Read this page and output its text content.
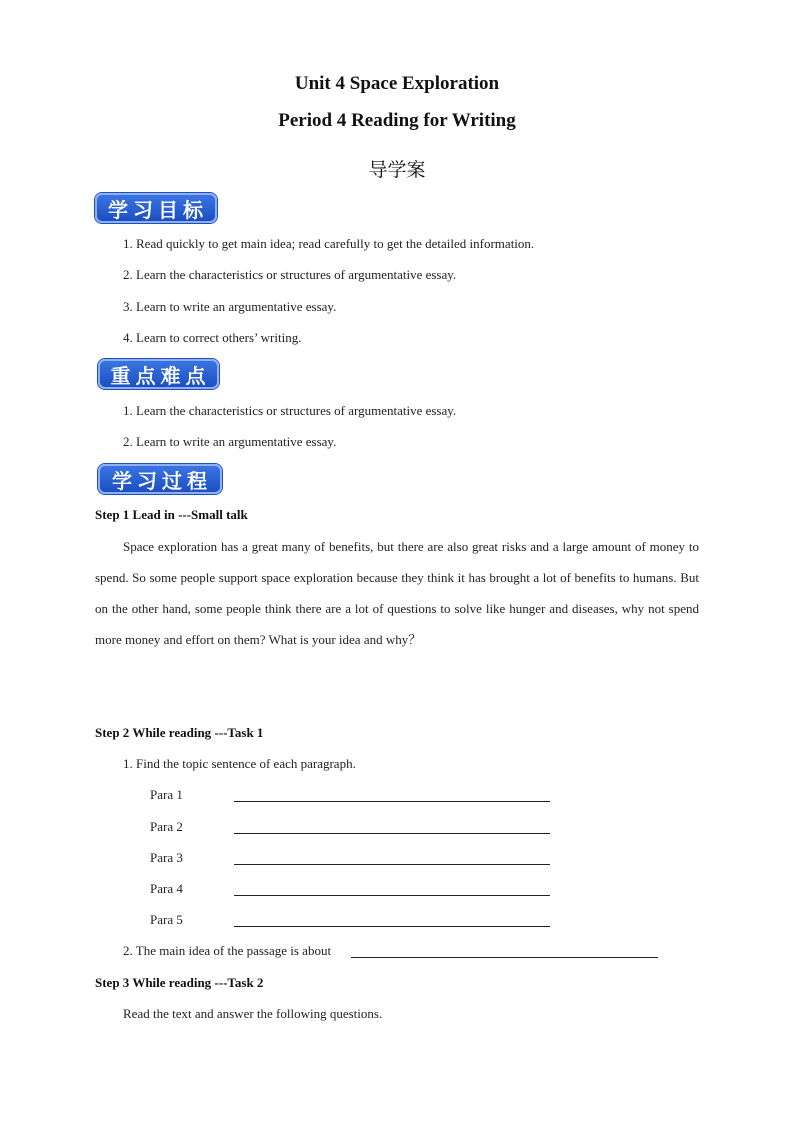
Unit 4 Space Exploration
Period 4 Reading for Writing
导学案
学习目标
1. Read quickly to get main idea; read carefully to get the detailed information.
2. Learn the characteristics or structures of argumentative essay.
3. Learn to write an argumentative essay.
4. Learn to correct others’ writing.
重点难点
1. Learn the characteristics or structures of argumentative essay.
2. Learn to write an argumentative essay.
学习过程
Step 1 Lead in ---Small talk
Space exploration has a great many of benefits, but there are also great risks and a large amount of money to spend. So some people support space exploration because they think it has brought a lot of benefits to humans. But on the other hand, some people think there are a lot of questions to solve like hunger and diseases, why not spend more money and effort on them? What is your idea and why？
Step 2 While reading ---Task 1
1. Find the topic sentence of each paragraph.
Para 1
Para 2
Para 3
Para 4
Para 5
2. The main idea of the passage is about
Step 3 While reading ---Task 2
Read the text and answer the following questions.
